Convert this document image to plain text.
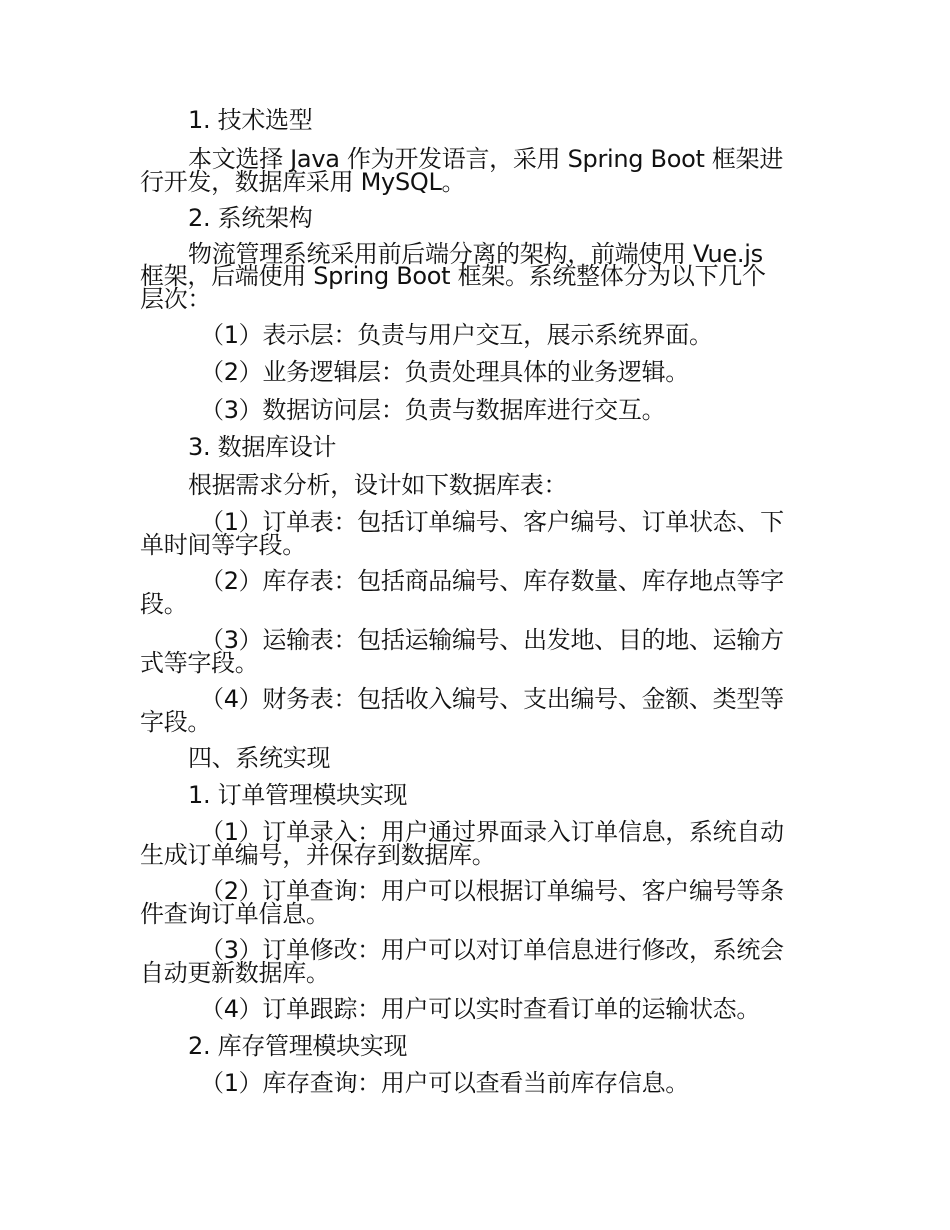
1. 技术选型
本文选择 Java 作为开发语言，采用 Spring Boot 框架进
行开发，数据库采用 MySQL。
2. 系统架构
物流管理系统采用前后端分离的架构，前端使用 Vue.js
框架，后端使用 Spring Boot 框架。系统整体分为以下几个
层次：
（1）表示层：负责与用户交互，展示系统界面。
（2）业务逻辑层：负责处理具体的业务逻辑。
（3）数据访问层：负责与数据库进行交互。
3. 数据库设计
根据需求分析，设计如下数据库表：
（1）订单表：包括订单编号、客户编号、订单状态、下
单时间等字段。
（2）库存表：包括商品编号、库存数量、库存地点等字
段。
（3）运输表：包括运输编号、出发地、目的地、运输方
式等字段。
（4）财务表：包括收入编号、支出编号、金额、类型等
字段。
四、系统实现
1. 订单管理模块实现
（1）订单录入：用户通过界面录入订单信息，系统自动
生成订单编号，并保存到数据库。
（2）订单查询：用户可以根据订单编号、客户编号等条
件查询订单信息。
（3）订单修改：用户可以对订单信息进行修改，系统会
自动更新数据库。
（4）订单跟踪：用户可以实时查看订单的运输状态。
2. 库存管理模块实现
（1）库存查询：用户可以查看当前库存信息。
